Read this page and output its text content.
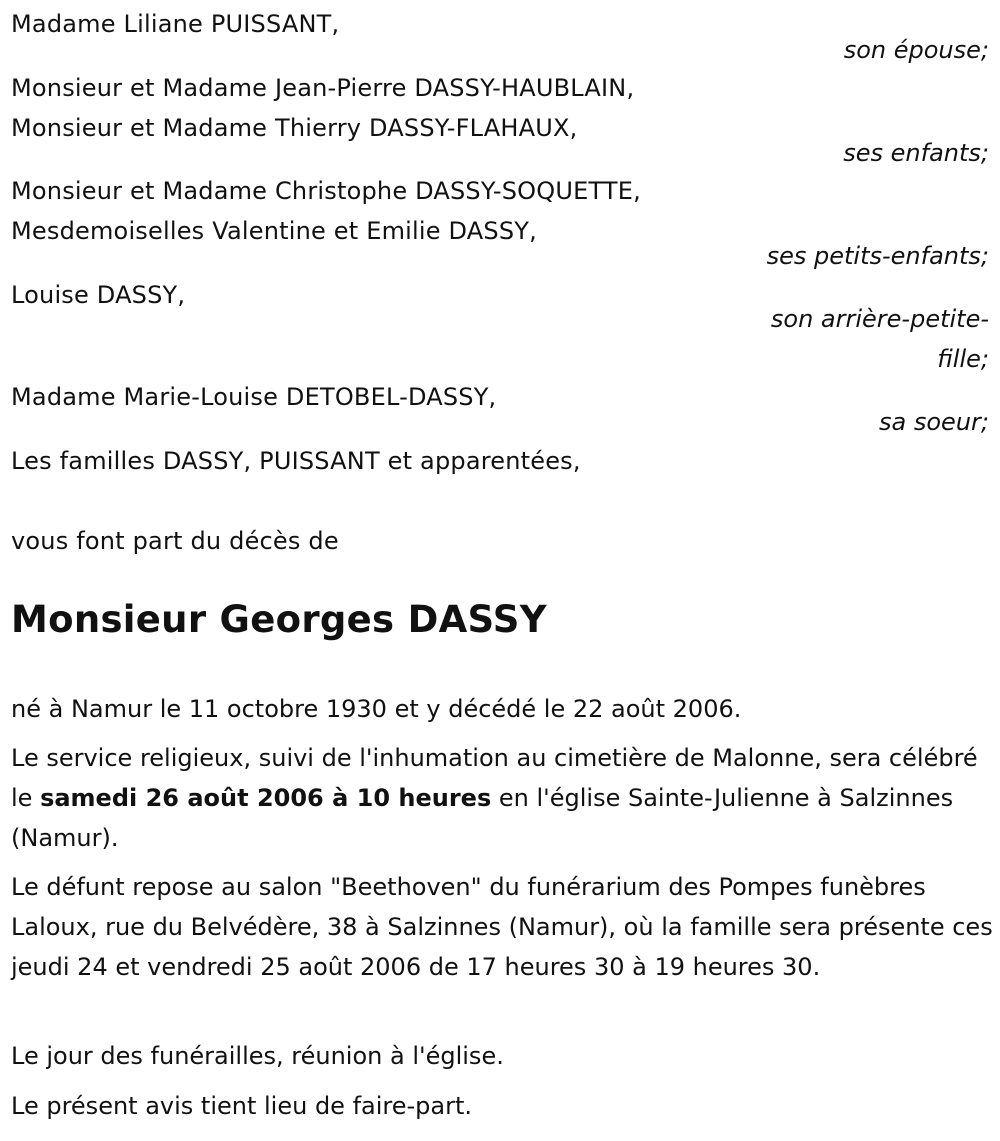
Madame Liliane PUISSANT,
son épouse;
Monsieur et Madame Jean-Pierre DASSY-HAUBLAIN,
Monsieur et Madame Thierry DASSY-FLAHAUX,
ses enfants;
Monsieur et Madame Christophe DASSY-SOQUETTE,
Mesdemoiselles Valentine et Emilie DASSY,
ses petits-enfants;
Louise DASSY,
son arrière-petite-
fille;
Madame Marie-Louise DETOBEL-DASSY,
sa soeur;
Les familles DASSY, PUISSANT et apparentées,
vous font part du décès de
Monsieur Georges DASSY
né à Namur le 11 octobre 1930 et y décédé le 22 août 2006.
Le service religieux, suivi de l'inhumation au cimetière de Malonne, sera célébré le samedi 26 août 2006 à 10 heures en l'église Sainte-Julienne à Salzinnes (Namur).
Le défunt repose au salon "Beethoven" du funérarium des Pompes funèbres Laloux, rue du Belvédère, 38 à Salzinnes (Namur), où la famille sera présente ces jeudi 24 et vendredi 25 août 2006 de 17 heures 30 à 19 heures 30.
Le jour des funérailles, réunion à l'église.
Le présent avis tient lieu de faire-part.
